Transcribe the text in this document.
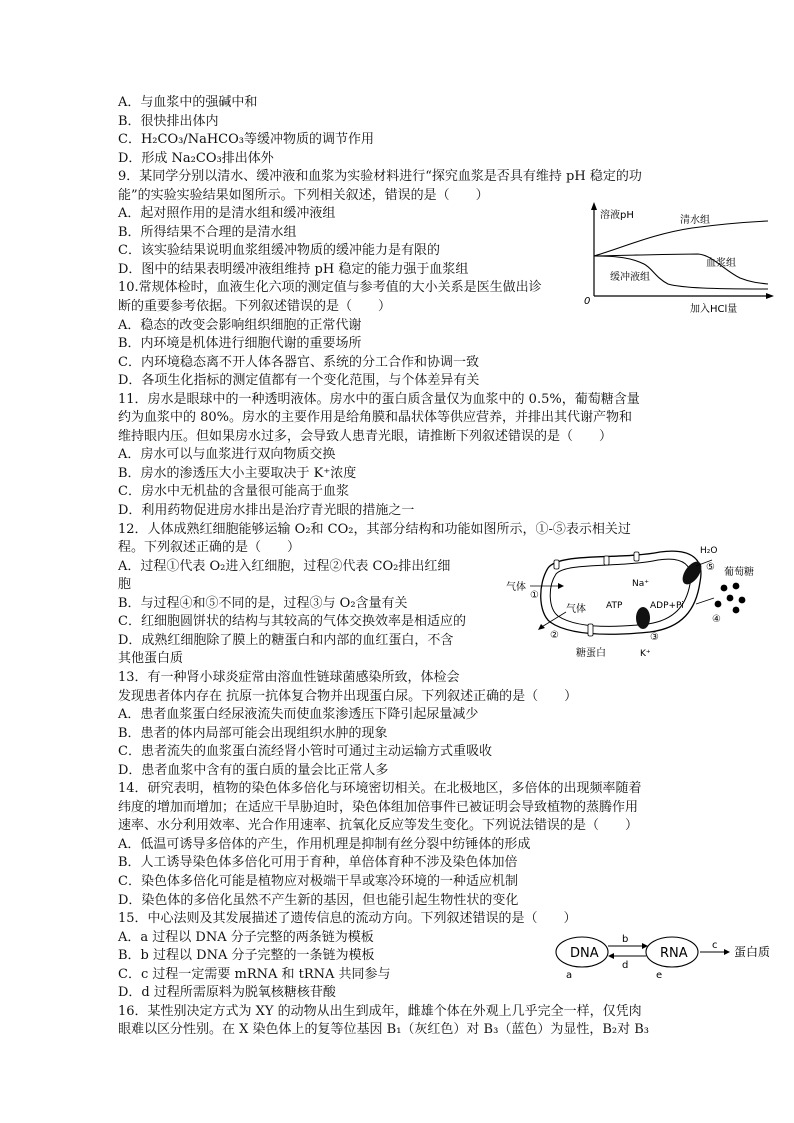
A．与血浆中的强碱中和
B．很快排出体内
C．H₂CO₃/NaHCO₃等缓冲物质的调节作用
D．形成 Na₂CO₃排出体外
9．某同学分别以清水、缓冲液和血浆为实验材料进行“探究血浆是否具有维持 pH 稳定的功
能”的实验实验结果如图所示。下列相关叙述，错误的是（　　）
A．起对照作用的是清水组和缓冲液组
B．所得结果不合理的是清水组
C．该实验结果说明血浆组缓冲物质的缓冲能力是有限的
D．图中的结果表明缓冲液组维持 pH 稳定的能力强于血浆组
10.常规体检时，血液生化六项的测定值与参考值的大小关系是医生做出诊
断的重要参考依据。下列叙述错误的是（　　）
A．稳态的改变会影响组织细胞的正常代谢
B．内环境是机体进行细胞代谢的重要场所
C．内环境稳态离不开人体各器官、系统的分工合作和协调一致
D．各项生化指标的测定值都有一个变化范围，与个体差异有关
11．房水是眼球中的一种透明液体。房水中的蛋白质含量仅为血浆中的 0.5%，葡萄糖含量
约为血浆中的 80%。房水的主要作用是给角膜和晶状体等供应营养，并排出其代谢产物和
维持眼内压。但如果房水过多，会导致人患青光眼，请推断下列叙述错误的是（　　）
A．房水可以与血浆进行双向物质交换
B．房水的渗透压大小主要取决于 K⁺浓度
C．房水中无机盐的含量很可能高于血浆
D．利用药物促进房水排出是治疗青光眼的措施之一
12．人体成熟红细胞能够运输 O₂和 CO₂，其部分结构和功能如图所示，①-⑤表示相关过
程。下列叙述正确的是（　　）
A．过程①代表 O₂进入红细胞，过程②代表 CO₂排出红细
胞
B．与过程④和⑤不同的是，过程③与 O₂含量有关
C．红细胞圆饼状的结构与其较高的气体交换效率是相适应的
D．成熟红细胞除了膜上的糖蛋白和内部的血红蛋白，不含
其他蛋白质
13．有一种肾小球炎症常由溶血性链球菌感染所致，体检会
发现患者体内存在 抗原一抗体复合物并出现蛋白尿。下列叙述正确的是（　　）
A．患者血浆蛋白经尿液流失而使血浆渗透压下降引起尿量减少
B．患者的体内局部可能会出现组织水肿的现象
C．患者流失的血浆蛋白流经肾小管时可通过主动运输方式重吸收
D．患者血浆中含有的蛋白质的量会比正常人多
14．研究表明，植物的染色体多倍化与环境密切相关。在北极地区，多倍体的出现频率随着
纬度的增加而增加；在适应干旱胁迫时，染色体组加倍事件已被证明会导致植物的蒸腾作用
速率、水分利用效率、光合作用速率、抗氧化反应等发生变化。下列说法错误的是（　　）
A．低温可诱导多倍体的产生，作用机理是抑制有丝分裂中纺锤体的形成
B．人工诱导染色体多倍化可用于育种，单倍体育种不涉及染色体加倍
C．染色体多倍化可能是植物应对极端干旱或寒冷环境的一种适应机制
D．染色体的多倍化虽然不产生新的基因，但也能引起生物性状的变化
15．中心法则及其发展描述了遗传信息的流动方向。下列叙述错误的是（　　）
A．a 过程以 DNA 分子完整的两条链为模板
B．b 过程以 DNA 分子完整的一条链为模板
C．c 过程一定需要 mRNA 和 tRNA 共同参与
D．d 过程所需原料为脱氧核糖核苷酸
16．某性别决定方式为 XY 的动物从出生到成年，雌雄个体在外观上几乎完全一样，仅凭肉
眼难以区分性别。在 X 染色体上的复等位基因 B₁（灰红色）对 B₃（蓝色）为显性，B₂对 B₃
溶液pH
0
加入HCl量
清水组
血浆组
缓冲液组
H₂O
⑤ 葡萄糖
④
气体
①
气体
②
Na⁺
ATP	ADP+Pi
③
糖蛋白	K⁺
DNA	RNA
b
d
c 蛋白质
a	e
